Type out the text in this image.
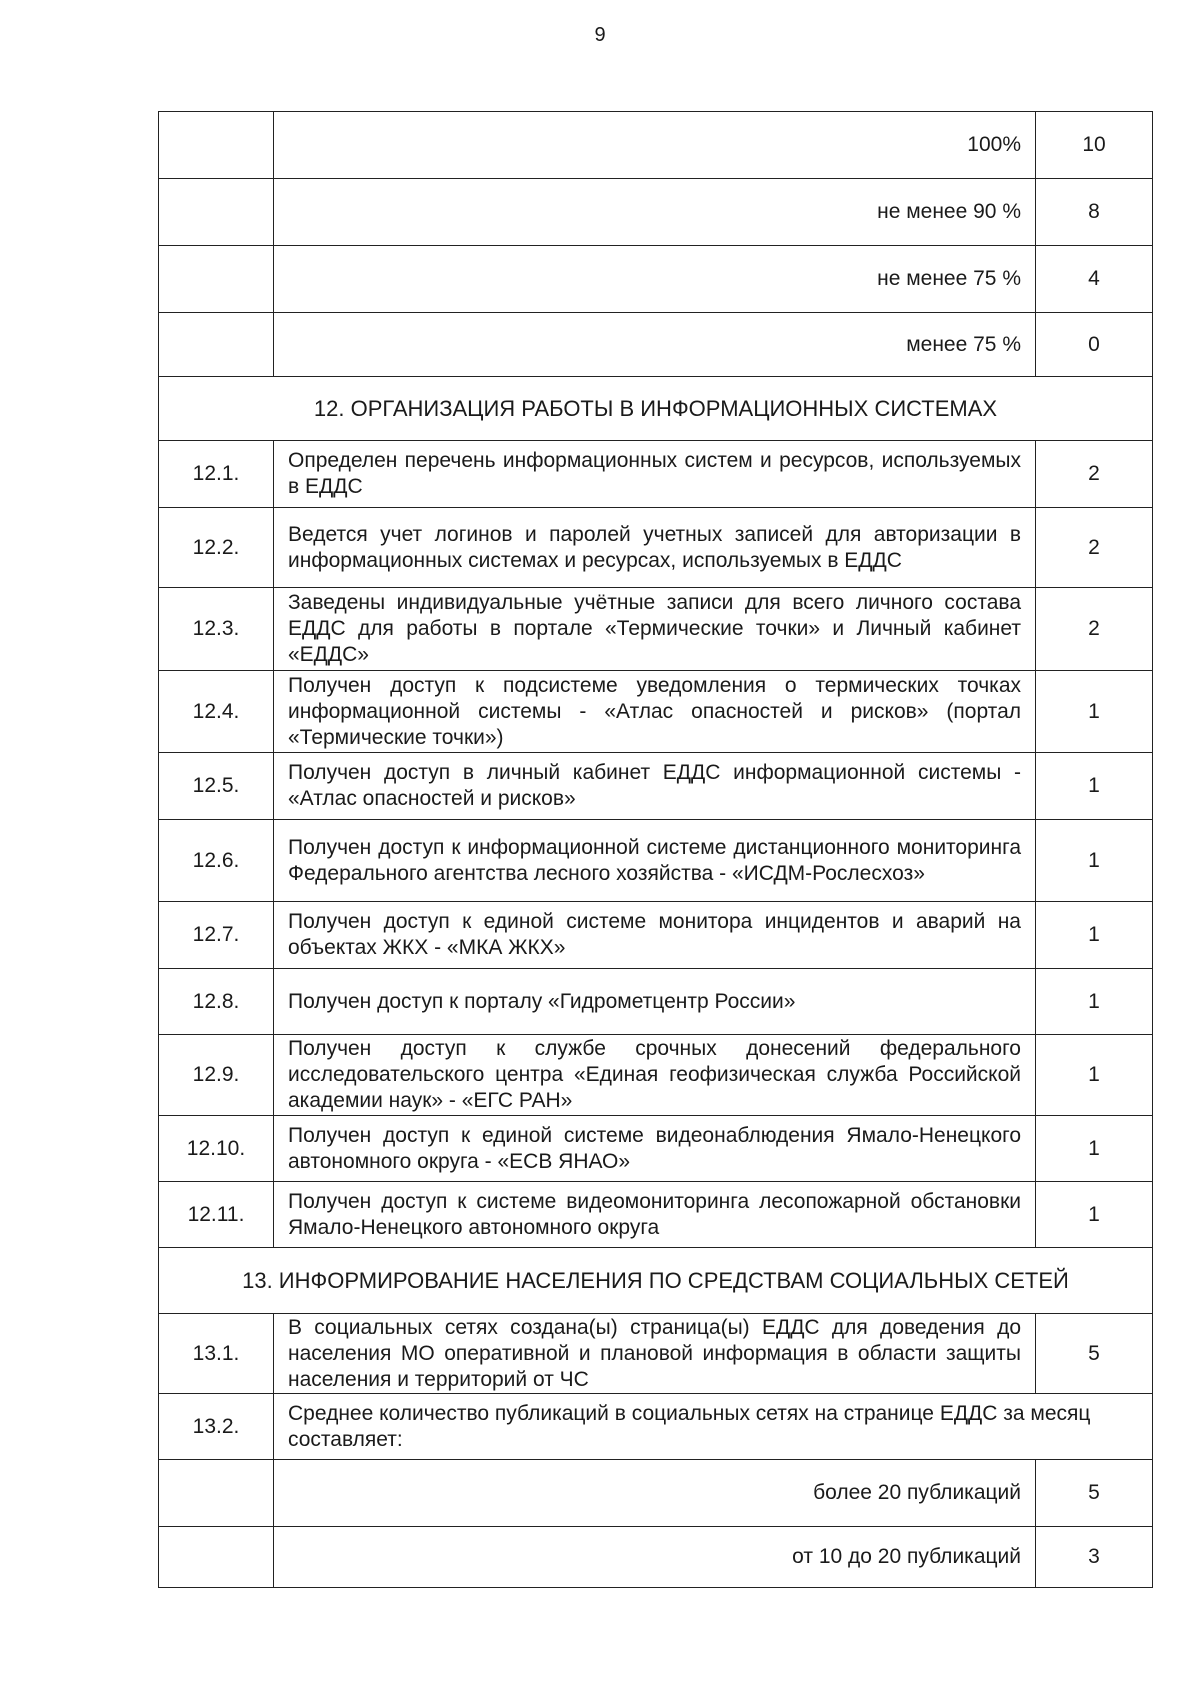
9
	100%	10
	не менее 90 %	8
	не менее 75 %	4
	менее 75 %	0
12. ОРГАНИЗАЦИЯ РАБОТЫ В ИНФОРМАЦИОННЫХ СИСТЕМАХ		
12.1.	Определен перечень информационных систем и ресурсов, используемых в ЕДДС	2
12.2.	Ведется учет логинов и паролей учетных записей для авторизации в информационных системах и ресурсах, используемых в ЕДДС	2
12.3.	Заведены индивидуальные учётные записи для всего личного состава ЕДДС для работы в портале «Термические точки» и Личный кабинет «ЕДДС»	2
12.4.	Получен доступ к подсистеме уведомления о термических точках информационной системы - «Атлас опасностей и рисков» (портал «Термические точки»)	1
12.5.	Получен доступ в личный кабинет ЕДДС информационной системы - «Атлас опасностей и рисков»	1
12.6.	Получен доступ к информационной системе дистанционного мониторинга Федерального агентства лесного хозяйства - «ИСДМ-Рослесхоз»	1
12.7.	Получен доступ к единой системе монитора инцидентов и аварий на объектах ЖКХ - «МКА ЖКХ»	1
12.8.	Получен доступ к порталу «Гидрометцентр России»	1
12.9.	Получен доступ к службе срочных донесений федерального исследовательского центра «Единая геофизическая служба Российской академии наук» - «ЕГС РАН»	1
12.10.	Получен доступ к единой системе видеонаблюдения Ямало-Ненецкого автономного округа - «ЕСВ ЯНАО»	1
12.11.	Получен доступ к системе видеомониторинга лесопожарной обстановки Ямало-Ненецкого автономного округа	1
13. ИНФОРМИРОВАНИЕ НАСЕЛЕНИЯ ПО СРЕДСТВАМ СОЦИАЛЬНЫХ СЕТЕЙ		
13.1.	В социальных сетях создана(ы) страница(ы) ЕДДС для доведения до населения МО оперативной и плановой информация в области защиты населения и территорий от ЧС	5
13.2.	Среднее количество публикаций в социальных сетях на странице ЕДДС за месяц составляет:	
	более 20 публикаций	5
	от 10 до 20 публикаций	3
